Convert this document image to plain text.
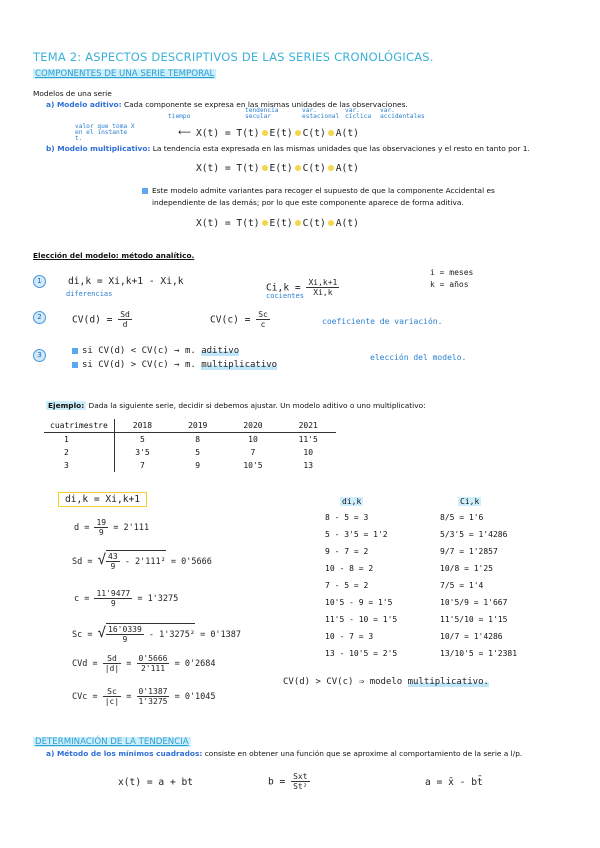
TEMA 2: ASPECTOS DESCRIPTIVOS DE LAS SERIES CRONOLÓGICAS.
COMPONENTES DE UNA SERIE TEMPORAL
Modelos de una serie
a) Modelo aditivo: Cada componente se expresa en las mismas unidades de las observaciones.
tiempo
tendencia secular
var. estacional
var. cíclica
var. accidentales
valor que toma X en el instante t.
⟵ X(t) = T(t) E(t) C(t) A(t)
b) Modelo multiplicativo: La tendencia esta expresada en las mismas unidades que las observaciones y el resto en tanto por 1.
X(t) = T(t) E(t) C(t) A(t)
Este modelo admite variantes para recoger el supuesto de que la componente Accidental es
independiente de las demás; por lo que este componente aparece de forma aditiva.
X(t) = T(t) E(t) C(t) A(t)
Elección del modelo: método analítico.
1	di,k = Xi,k+1 - Xi,k
diferencias
$Ci,k = \frac{Xi,k+1}{Xi,k}$
cocientes
i = meses
k = años
2	$CV(d) = \frac{Sd}{d}$	$CV(c) = \frac{Sc}{c}$	coeficiente de variación.
3	si CV(d) < CV(c) → m. aditivo
si CV(d) > CV(c) → m. multiplicativo
elección del modelo.
Ejemplo: Dada la siguiente serie, decidir si debemos ajustar. Un modelo aditivo o uno multiplicativo:
cuatrimestre	2018	2019	2020	2021
1	5	8	10	11'5
2	3'5	5	7	10
3	7	9	10'5	13
di,k = Xi,k+1
$d = \frac{19}{9} = 2'111$
Sd = √ $\frac{43}{9} - 2'111^2 = 0'5666$
$c = \frac{11'9477}{9} = 1'3275$
Sc = √ $\frac{16'0339}{9} - 1'3275^2 = 0'1387$
CVd = $\frac{Sd}{|d|} = \frac{0'5666}{2'111} = 0'2684$
CVc = $\frac{Sc}{|c|} = \frac{0'1387}{1'3275} = 0'1045$
di,k
8 - 5 = 3
5 - 3'5 = 1'2
9 - 7 = 2
10 - 8 = 2
7 - 5 = 2
10'5 - 9 = 1'5
11'5 - 10 = 1'5
10 - 7 = 3
13 - 10'5 = 2'5
Ci,k
8/5 = 1'6
5/3'5 = 1'4286
9/7 = 1'2857
10/8 = 1'25
7/5 = 1'4
10'5/9 = 1'667
11'5/10 = 1'15
10/7 = 1'4286
13/10'5 = 1'2381
CV(d) > CV(c) ⇒ modelo multiplicativo.
DETERMINACIÓN DE LA TENDENCIA
a) Método de los mínimos cuadrados: consiste en obtener una función que se aproxime al comportamiento de la serie a l/p.
x(t) = a + bt	$b = \frac{\text{Sxt}}{\text{St²}}$	a = x̄ - bt̄
